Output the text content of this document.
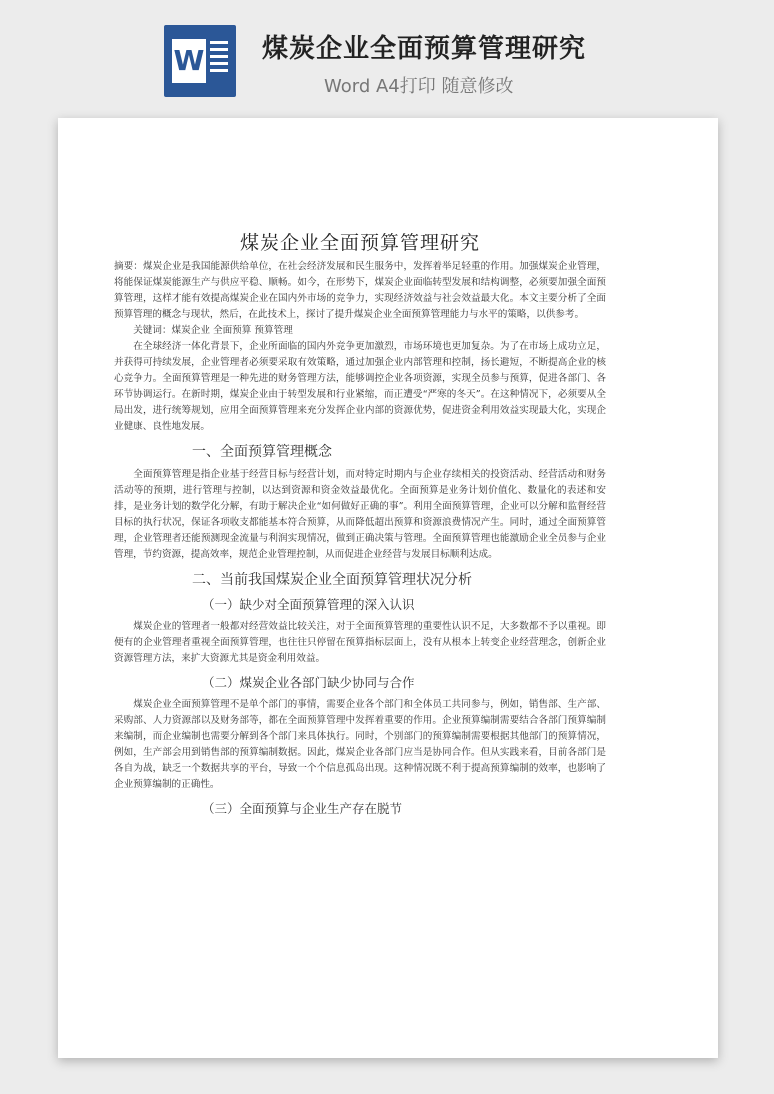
W 煤炭企业全面预算管理研究
Word A4打印 随意修改
煤炭企业全面预算管理研究

摘要：煤炭企业是我国能源供给单位，在社会经济发展和民生服务中，发挥着举足轻重的作用。加强煤炭企业管理，将能保证煤炭能源生产与供应平稳、顺畅。如今，在形势下，煤炭企业面临转型发展和结构调整，必须要加强全面预算管理，这样才能有效提高煤炭企业在国内外市场的竞争力，实现经济效益与社会效益最大化。本文主要分析了全面预算管理的概念与现状，然后，在此技术上，探讨了提升煤炭企业全面预算管理能力与水平的策略，以供参考。

关键词：煤炭企业 全面预算 预算管理

在全球经济一体化背景下，企业所面临的国内外竞争更加激烈，市场环境也更加复杂。为了在市场上成功立足，并获得可持续发展，企业管理者必须要采取有效策略，通过加强企业内部管理和控制，扬长避短，不断提高企业的核心竞争力。全面预算管理是一种先进的财务管理方法，能够调控企业各项资源，实现全员参与预算，促进各部门、各环节协调运行。在新时期，煤炭企业由于转型发展和行业紧缩，而正遭受“严寒的冬天”。在这种情况下，必须要从全局出发，进行统筹规划，应用全面预算管理来充分发挥企业内部的资源优势，促进资金利用效益实现最大化，实现企业健康、良性地发展。

一、全面预算管理概念

全面预算管理是指企业基于经营目标与经营计划，而对特定时期内与企业存续相关的投资活动、经营活动和财务活动等的预期，进行管理与控制，以达到资源和资金效益最优化。全面预算是业务计划价值化、数量化的表述和安排，是业务计划的数学化分解，有助于解决企业“如何做好正确的事”。利用全面预算管理，企业可以分解和监督经营目标的执行状况，保证各项收支都能基本符合预算，从而降低超出预算和资源浪费情况产生。同时，通过全面预算管理，企业管理者还能预测现金流量与利润实现情况，做到正确决策与管理。全面预算管理也能激励企业全员参与企业管理，节约资源，提高效率，规范企业管理控制，从而促进企业经营与发展目标顺利达成。

二、当前我国煤炭企业全面预算管理状况分析
（一）缺少对全面预算管理的深入认识

煤炭企业的管理者一般都对经营效益比较关注，对于全面预算管理的重要性认识不足，大多数都不予以重视。即便有的企业管理者重视全面预算管理，也往往只停留在预算指标层面上，没有从根本上转变企业经营理念，创新企业资源管理方法，来扩大资源尤其是资金利用效益。

（二）煤炭企业各部门缺少协同与合作

煤炭企业全面预算管理不是单个部门的事情，需要企业各个部门和全体员工共同参与，例如，销售部、生产部、采购部、人力资源部以及财务部等，都在全面预算管理中发挥着重要的作用。企业预算编制需要结合各部门预算编制来编制，而企业编制也需要分解到各个部门来具体执行。同时，个别部门的预算编制需要根据其他部门的预算情况，例如，生产部会用到销售部的预算编制数据。因此，煤炭企业各部门应当是协同合作。但从实践来看，目前各部门是各自为战，缺乏一个数据共享的平台，导致一个个信息孤岛出现。这种情况既不利于提高预算编制的效率，也影响了企业预算编制的正确性。

（三）全面预算与企业生产存在脱节
